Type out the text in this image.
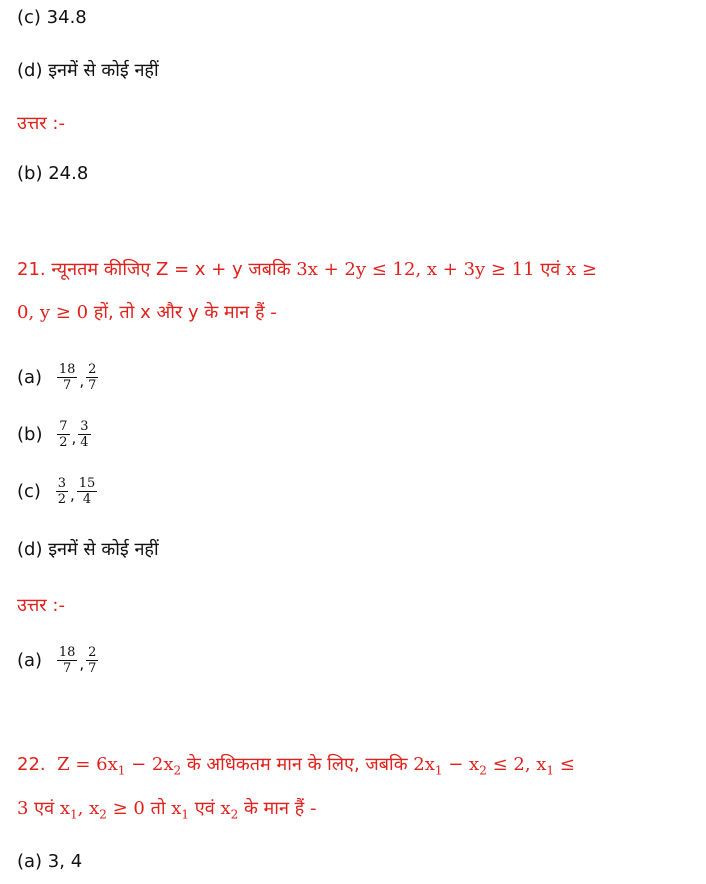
(c) 34.8
(d) इनमें से कोई नहीं
उत्तर :-
(b) 24.8
21. न्यूनतम कीजिए Z = x + y जबकि 3x + 2y ≤ 12, x + 3y ≥ 11 एवं x ≥
0, y ≥ 0 हों, तो x और y के मान हैं -
$(a) \frac{18}{7}$ , $\frac{2}{7}$
$(b) \frac{7}{2}$ , $\frac{3}{4}$
$(c) \frac{3}{2}$ , $\frac{15}{4}$
(d) इनमें से कोई नहीं
उत्तर :-
$(a) \frac{18}{7}$ , $\frac{2}{7}$
22. $Z = 6x_1 - 2x_2$ के अधिकतम मान के लिए, जबकि $2x_1 - x_2 \le 2$, $x_1$ ≤
3 एवं $x_1$, $x_2 \ge 0$ तो $x_1$ एवं $x_2$ के मान हैं -
(a) 3, 4
